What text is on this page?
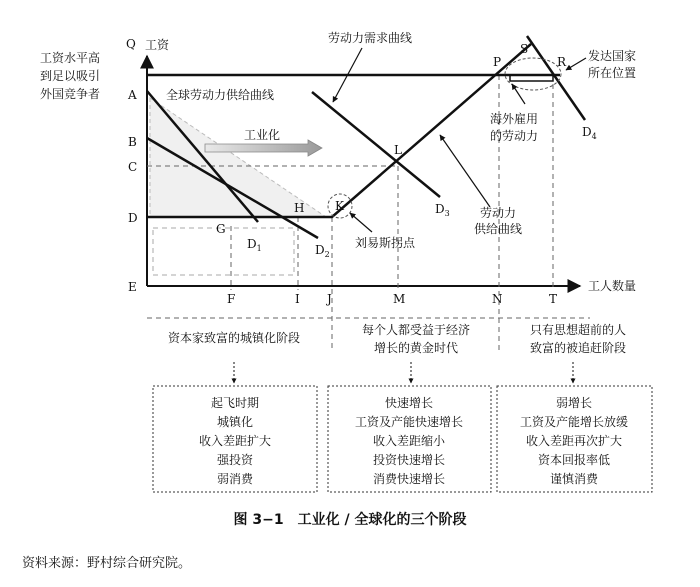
工资
工人数量
Q
A
B
C
D
E
F	I J	M	N	T
工资水平高
到足以吸引
外国竞争者	全球劳动力供给曲线
劳动力需求曲线
工业化
刘易斯拐点
劳动力
供给曲线
海外雇用
的劳动力
发达国家
所在位置
G
H	K
L
P
S
R
$D_1$	$D_2$
$D_3$
$D_4$
资本家致富的城镇化阶段
每个人都受益于经济
增长的黄金时代
只有思想超前的人
致富的被追赶阶段
起飞时期
城镇化
收入差距扩大
强投资
弱消费
快速增长
工资及产能快速增长
收入差距缩小
投资快速增长
消费快速增长
弱增长
工资及产能增长放缓
收入差距再次扩大
资本回报率低
谨慎消费
图 3−1　工业化 / 全球化的三个阶段
资料来源：野村综合研究院。
